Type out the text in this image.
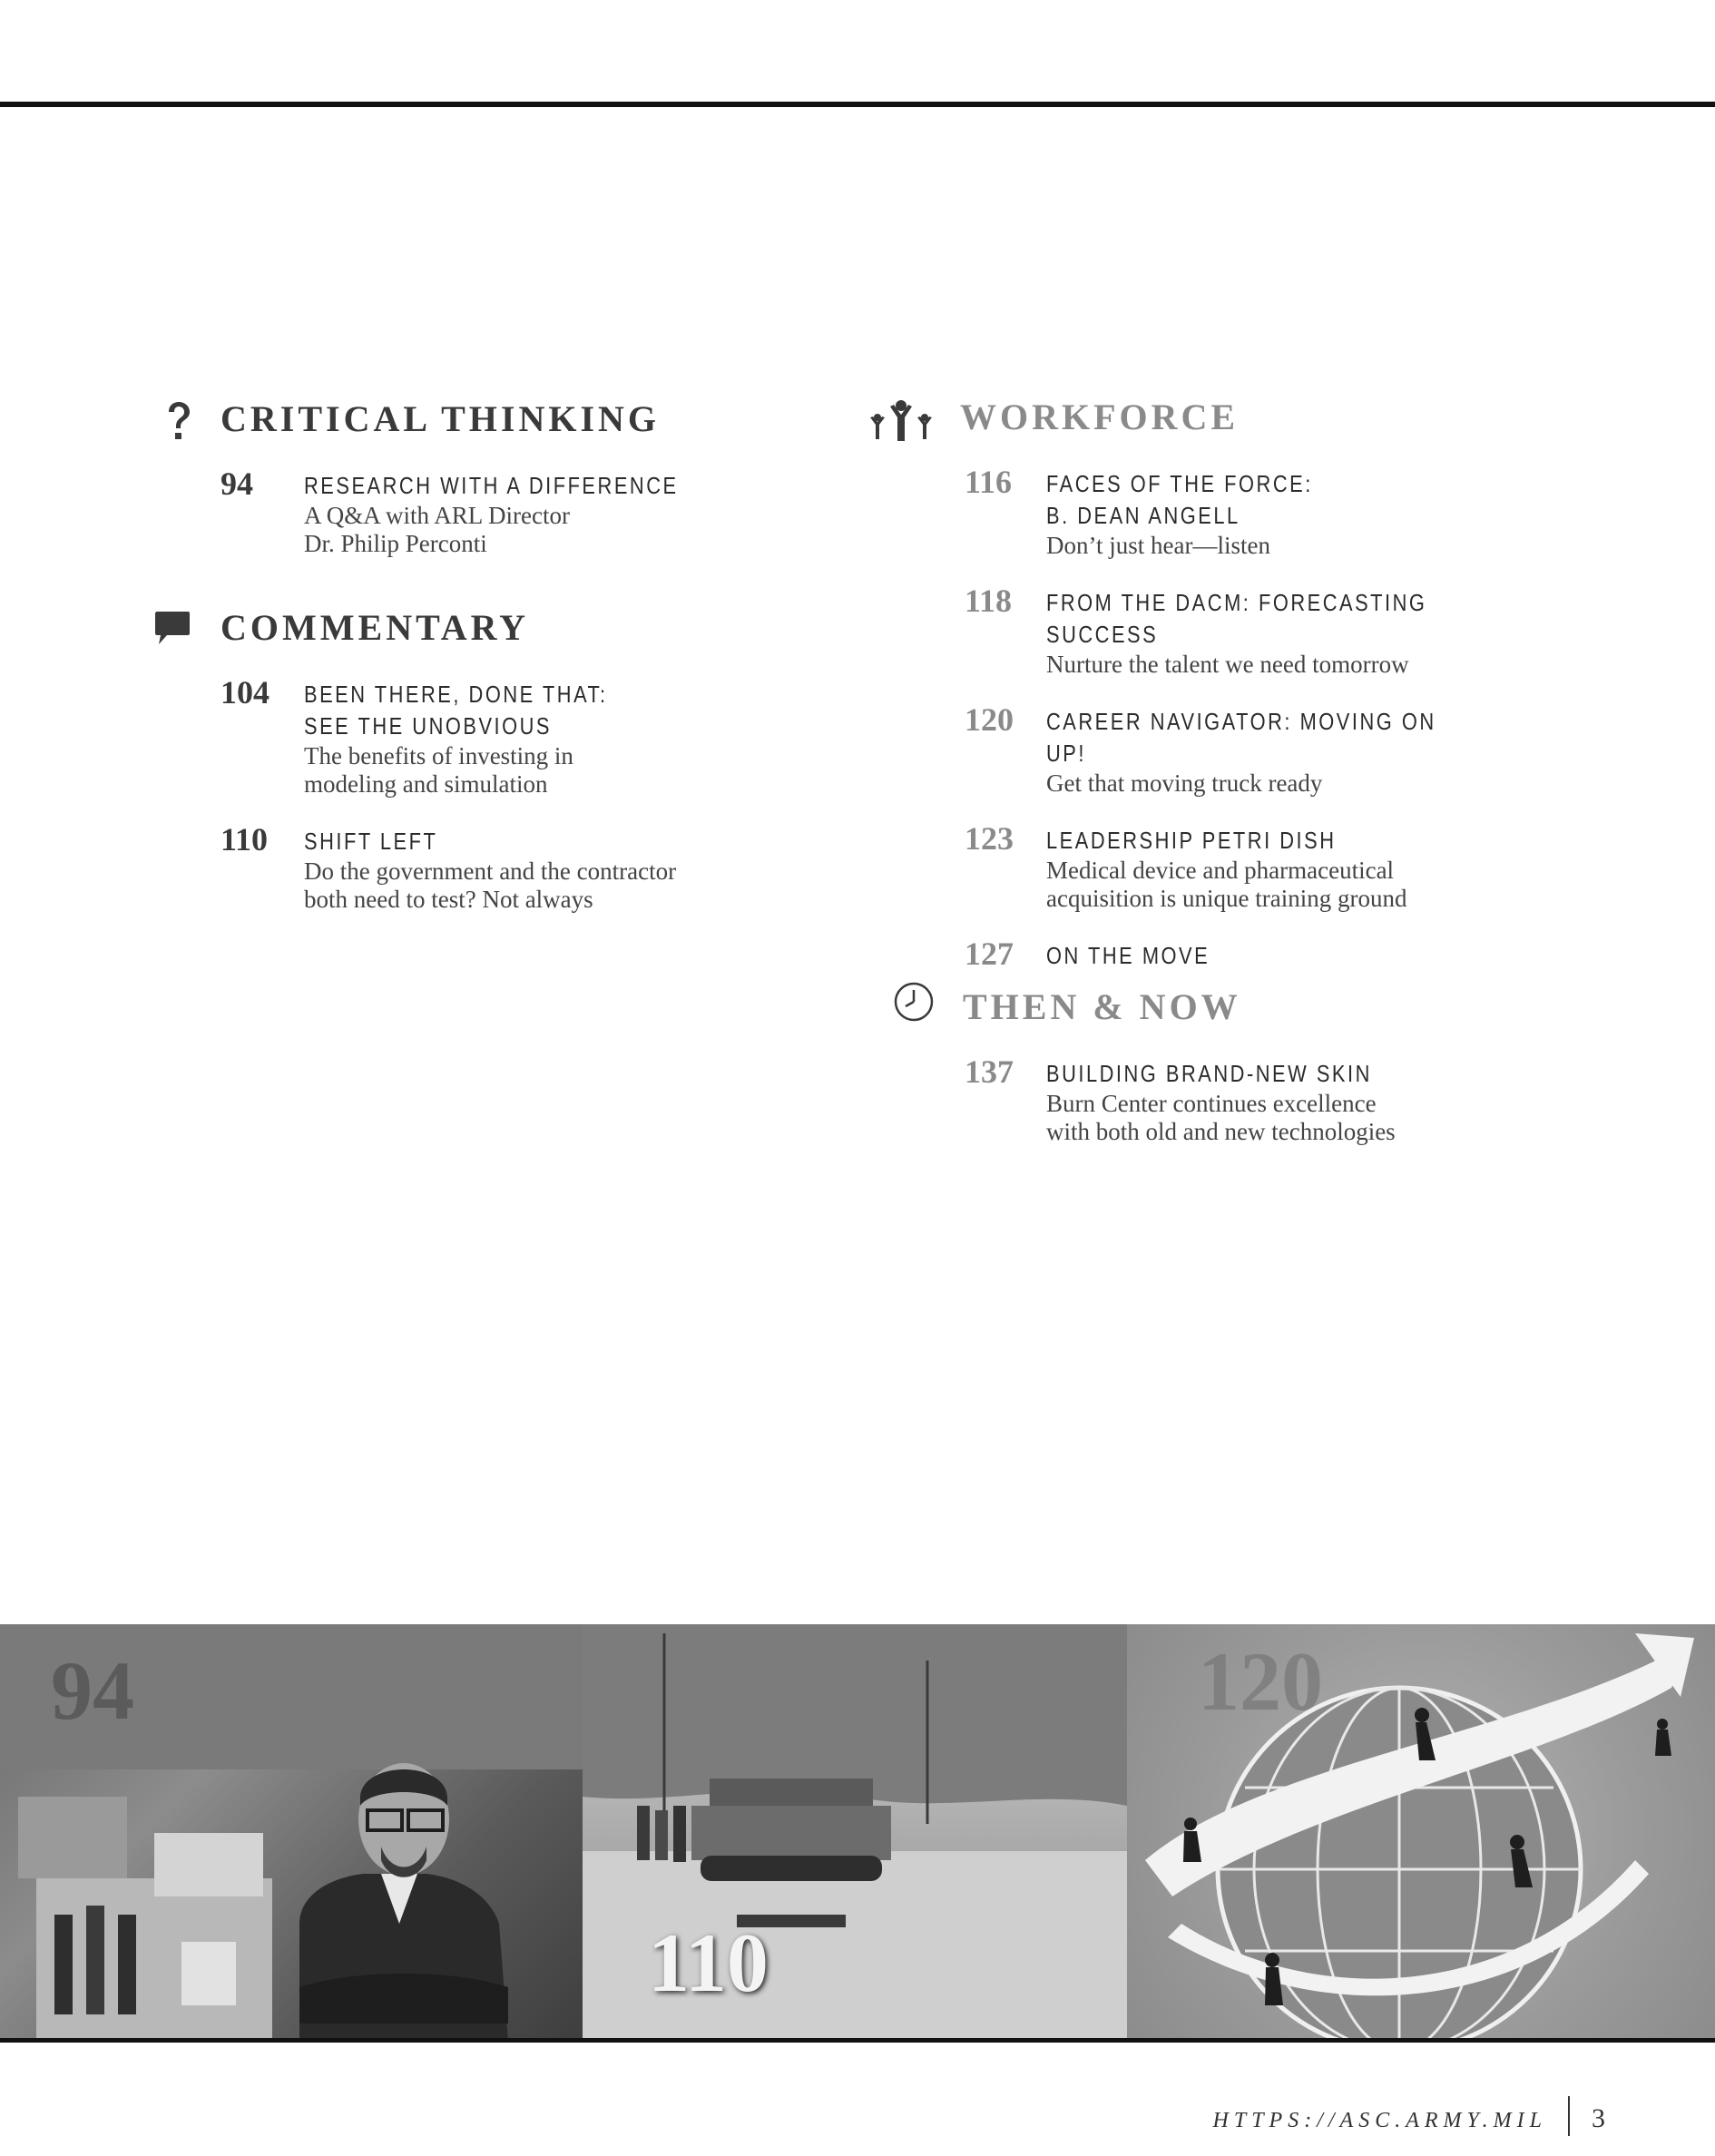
CRITICAL THINKING
94 RESEARCH WITH A DIFFERENCE
A Q&A with ARL Director
Dr. Philip Perconti
COMMENTARY
104 BEEN THERE, DONE THAT:
SEE THE UNOBVIOUS
The benefits of investing in
modeling and simulation
110 SHIFT LEFT
Do the government and the contractor
both need to test? Not always
WORKFORCE
116 FACES OF THE FORCE:
B. DEAN ANGELL
Don’t just hear—listen
118 FROM THE DACM: FORECASTING SUCCESS
Nurture the talent we need tomorrow
120 CAREER NAVIGATOR: MOVING ON UP!
Get that moving truck ready
123 LEADERSHIP PETRI DISH
Medical device and pharmaceutical
acquisition is unique training ground
127 ON THE MOVE
THEN & NOW
137 BUILDING BRAND-NEW SKIN
Burn Center continues excellence
with both old and new technologies
94
110
120
HTTPS://ASC.ARMY.MIL 3
